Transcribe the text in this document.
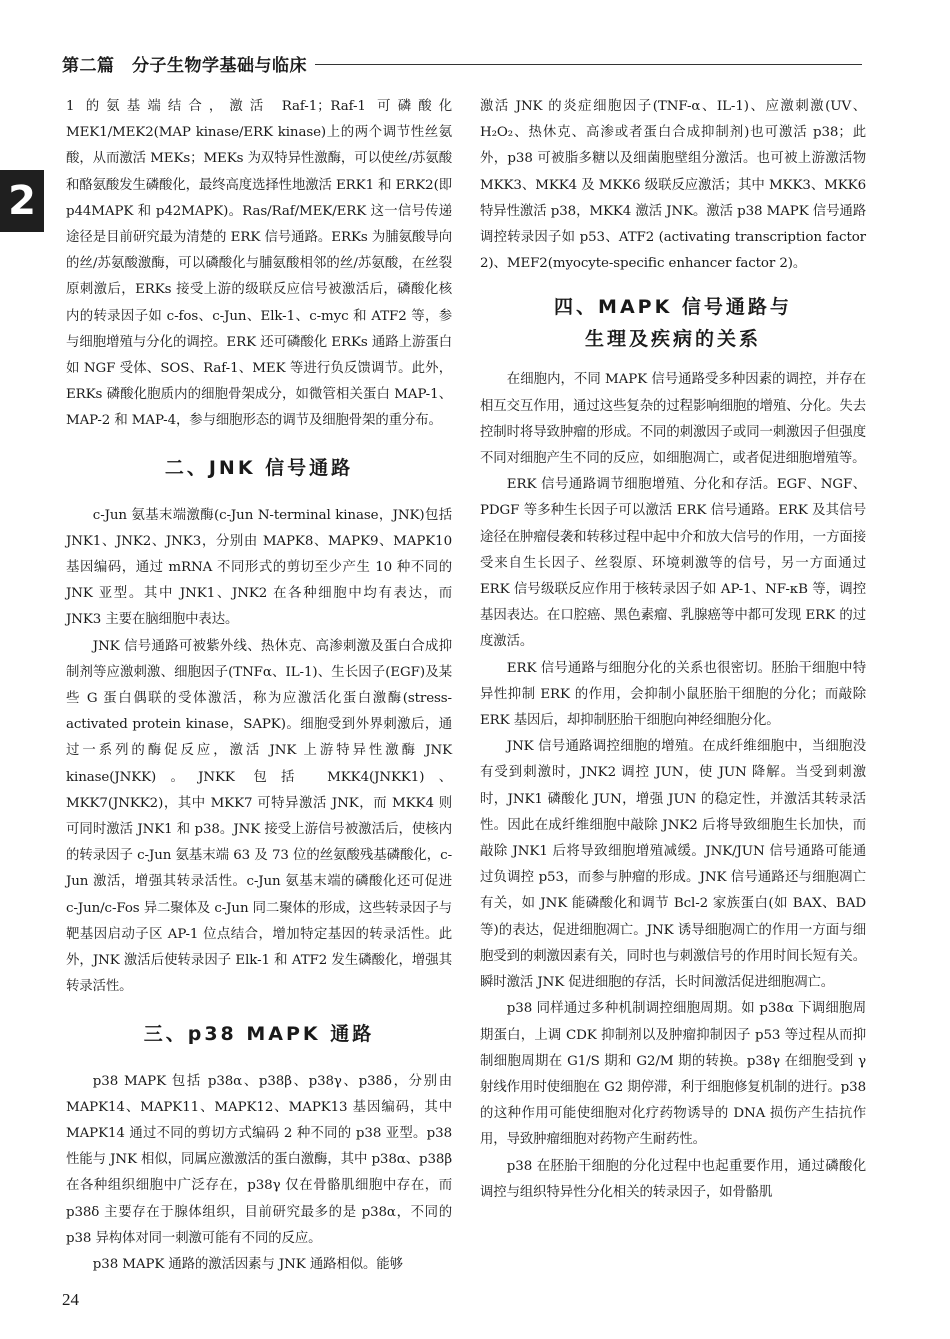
第二篇　分子生物学基础与临床
2

1 的氨基端结合，激活 Raf-1；Raf-1 可磷酸化 MEK1/MEK2(MAP kinase/ERK kinase)上的两个调节性丝氨酸，从而激活 MEKs；MEKs 为双特异性激酶，可以使丝/苏氨酸和酪氨酸发生磷酸化，最终高度选择性地激活 ERK1 和 ERK2(即 p44MAPK 和 p42MAPK)。Ras/Raf/MEK/ERK 这一信号传递途径是目前研究最为清楚的 ERK 信号通路。ERKs 为脯氨酸导向的丝/苏氨酸激酶，可以磷酸化与脯氨酸相邻的丝/苏氨酸，在丝裂原刺激后，ERKs 接受上游的级联反应信号被激活后，磷酸化核内的转录因子如 c-fos、c-Jun、Elk-1、c-myc 和 ATF2 等，参与细胞增殖与分化的调控。ERK 还可磷酸化 ERKs 通路上游蛋白如 NGF 受体、SOS、Raf-1、MEK 等进行负反馈调节。此外，ERKs 磷酸化胞质内的细胞骨架成分，如微管相关蛋白 MAP-1、MAP-2 和 MAP-4，参与细胞形态的调节及细胞骨架的重分布。

二、JNK 信号通路

c-Jun 氨基末端激酶(c-Jun N-terminal kinase，JNK)包括 JNK1、JNK2、JNK3，分别由 MAPK8、MAPK9、MAPK10 基因编码，通过 mRNA 不同形式的剪切至少产生 10 种不同的 JNK 亚型。其中 JNK1、JNK2 在各种细胞中均有表达，而 JNK3 主要在脑细胞中表达。

JNK 信号通路可被紫外线、热休克、高渗刺激及蛋白合成抑制剂等应激刺激、细胞因子(TNFα、IL-1)、生长因子(EGF)及某些 G 蛋白偶联的受体激活，称为应激活化蛋白激酶(stress-activated protein kinase，SAPK)。细胞受到外界刺激后，通过一系列的酶促反应，激活 JNK 上游特异性激酶 JNK kinase(JNKK)。JNKK 包括 MKK4(JNKK1)、MKK7(JNKK2)，其中 MKK7 可特异激活 JNK，而 MKK4 则可同时激活 JNK1 和 p38。JNK 接受上游信号被激活后，使核内的转录因子 c-Jun 氨基末端 63 及 73 位的丝氨酸残基磷酸化，c-Jun 激活，增强其转录活性。c-Jun 氨基末端的磷酸化还可促进 c-Jun/c-Fos 异二聚体及 c-Jun 同二聚体的形成，这些转录因子与靶基因启动子区 AP-1 位点结合，增加特定基因的转录活性。此外，JNK 激活后使转录因子 Elk-1 和 ATF2 发生磷酸化，增强其转录活性。

三、p38 MAPK 通路

p38 MAPK 包括 p38α、p38β、p38γ、p38δ，分别由 MAPK14、MAPK11、MAPK12、MAPK13 基因编码，其中 MAPK14 通过不同的剪切方式编码 2 种不同的 p38 亚型。p38 性能与 JNK 相似，同属应激激活的蛋白激酶，其中 p38α、p38β 在各种组织细胞中广泛存在，p38γ 仅在骨骼肌细胞中存在，而 p38δ 主要存在于腺体组织，目前研究最多的是 p38α，不同的 p38 异构体对同一刺激可能有不同的反应。

p38 MAPK 通路的激活因素与 JNK 通路相似。能够

激活 JNK 的炎症细胞因子(TNF-α、IL-1)、应激刺激(UV、H₂O₂、热休克、高渗或者蛋白合成抑制剂)也可激活 p38；此外，p38 可被脂多糖以及细菌胞壁组分激活。也可被上游激活物 MKK3、MKK4 及 MKK6 级联反应激活；其中 MKK3、MKK6 特异性激活 p38，MKK4 激活 JNK。激活 p38 MAPK 信号通路调控转录因子如 p53、ATF2 (activating transcription factor 2)、MEF2(myocyte-specific enhancer factor 2)。

四、MAPK 信号通路与
生理及疾病的关系

在细胞内，不同 MAPK 信号通路受多种因素的调控，并存在相互交互作用，通过这些复杂的过程影响细胞的增殖、分化。失去控制时将导致肿瘤的形成。不同的刺激因子或同一刺激因子但强度不同对细胞产生不同的反应，如细胞凋亡，或者促进细胞增殖等。

ERK 信号通路调节细胞增殖、分化和存活。EGF、NGF、PDGF 等多种生长因子可以激活 ERK 信号通路。ERK 及其信号途径在肿瘤侵袭和转移过程中起中介和放大信号的作用，一方面接受来自生长因子、丝裂原、环境刺激等的信号，另一方面通过 ERK 信号级联反应作用于核转录因子如 AP-1、NF-κB 等，调控基因表达。在口腔癌、黑色素瘤、乳腺癌等中都可发现 ERK 的过度激活。

ERK 信号通路与细胞分化的关系也很密切。胚胎干细胞中特异性抑制 ERK 的作用，会抑制小鼠胚胎干细胞的分化；而敲除 ERK 基因后，却抑制胚胎干细胞向神经细胞分化。

JNK 信号通路调控细胞的增殖。在成纤维细胞中，当细胞没有受到刺激时，JNK2 调控 JUN，使 JUN 降解。当受到刺激时，JNK1 磷酸化 JUN，增强 JUN 的稳定性，并激活其转录活性。因此在成纤维细胞中敲除 JNK2 后将导致细胞生长加快，而敲除 JNK1 后将导致细胞增殖减缓。JNK/JUN 信号通路可能通过负调控 p53，而参与肿瘤的形成。JNK 信号通路还与细胞凋亡有关，如 JNK 能磷酸化和调节 Bcl-2 家族蛋白(如 BAX、BAD 等)的表达，促进细胞凋亡。JNK 诱导细胞凋亡的作用一方面与细胞受到的刺激因素有关，同时也与刺激信号的作用时间长短有关。瞬时激活 JNK 促进细胞的存活，长时间激活促进细胞凋亡。

p38 同样通过多种机制调控细胞周期。如 p38α 下调细胞周期蛋白，上调 CDK 抑制剂以及肿瘤抑制因子 p53 等过程从而抑制细胞周期在 G1/S 期和 G2/M 期的转换。p38γ 在细胞受到 γ 射线作用时使细胞在 G2 期停滞，利于细胞修复机制的进行。p38 的这种作用可能使细胞对化疗药物诱导的 DNA 损伤产生拮抗作用，导致肿瘤细胞对药物产生耐药性。

p38 在胚胎干细胞的分化过程中也起重要作用，通过磷酸化调控与组织特异性分化相关的转录因子，如骨骼肌

24
